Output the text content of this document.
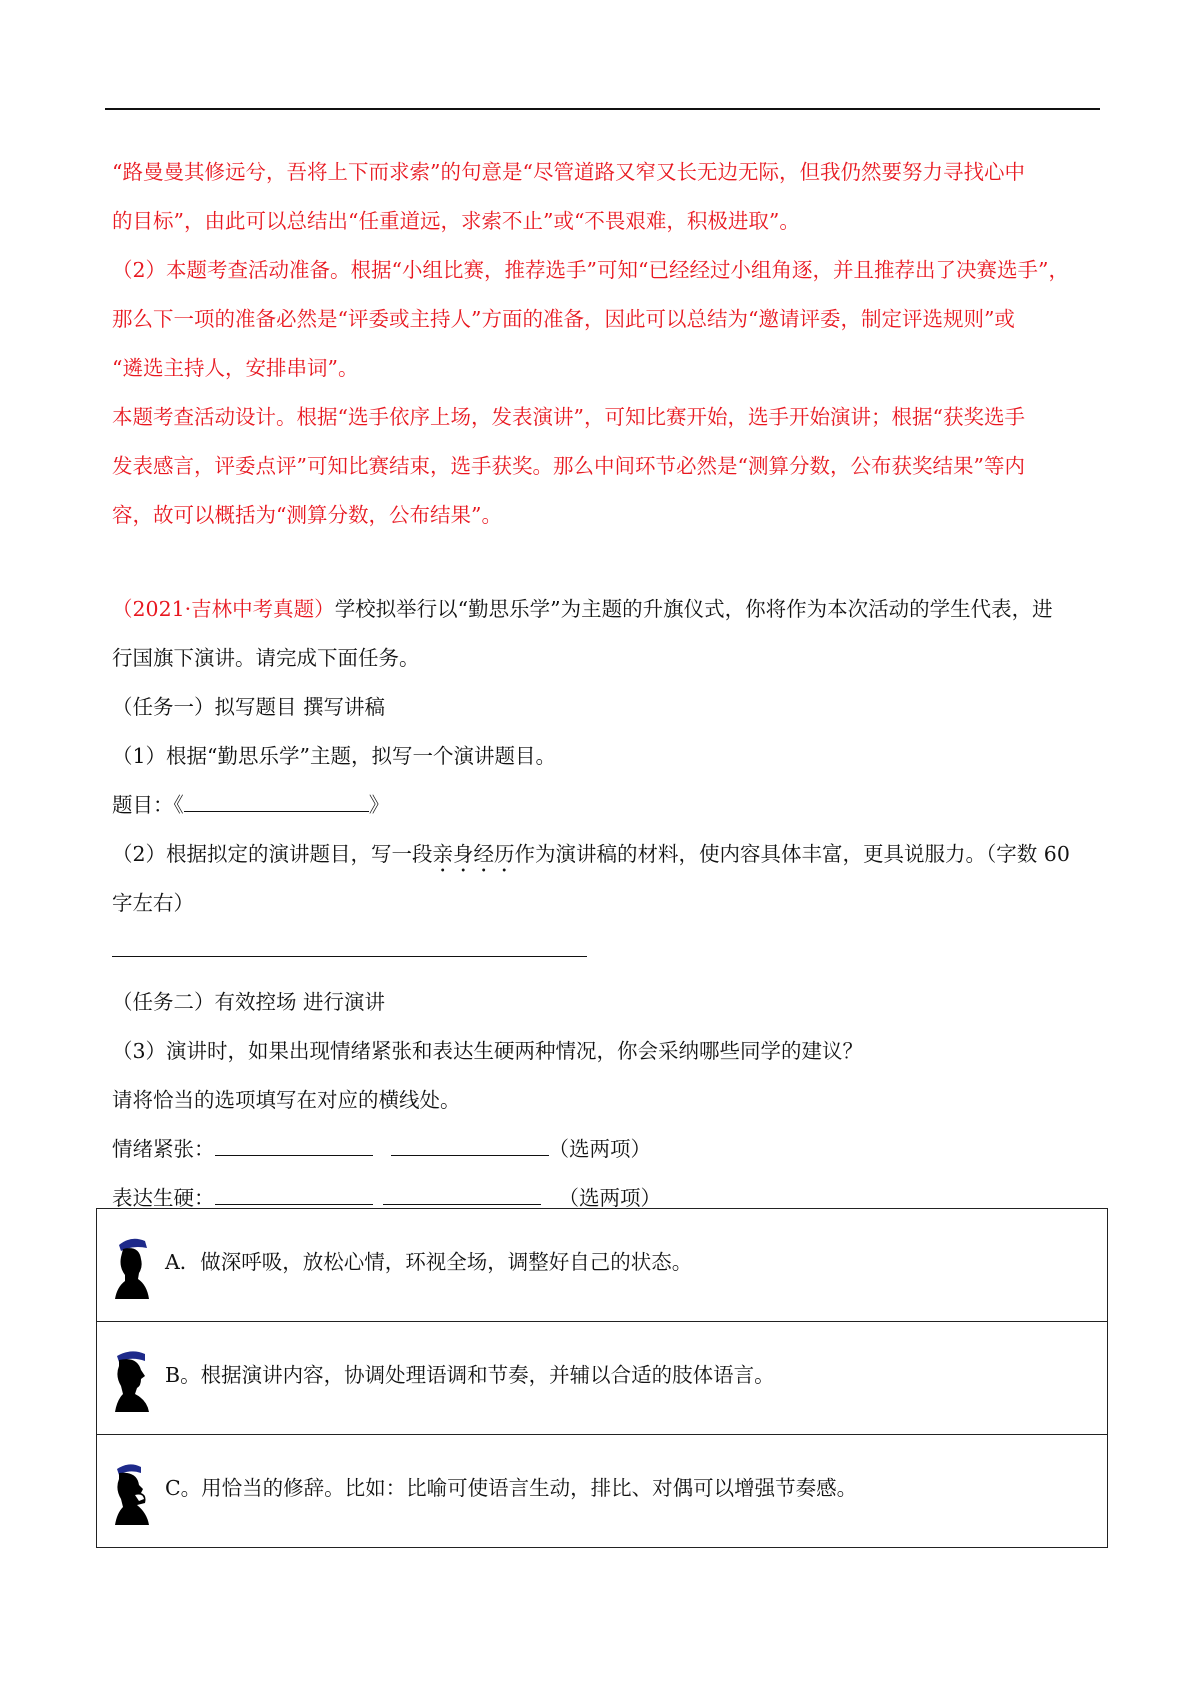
“路曼曼其修远兮，吾将上下而求索”的句意是“尽管道路又窄又长无边无际，但我仍然要努力寻找心中

的目标”，由此可以总结出“任重道远，求索不止”或“不畏艰难，积极进取”。

（2）本题考查活动准备。根据“小组比赛，推荐选手”可知“已经经过小组角逐，并且推荐出了决赛选手”，

那么下一项的准备必然是“评委或主持人”方面的准备，因此可以总结为“邀请评委，制定评选规则”或

“遴选主持人，安排串词”。

本题考查活动设计。根据“选手依序上场，发表演讲”，可知比赛开始，选手开始演讲；根据“获奖选手

发表感言，评委点评”可知比赛结束，选手获奖。那么中间环节必然是“测算分数，公布获奖结果”等内

容，故可以概括为“测算分数，公布结果”。

（2021·吉林中考真题）学校拟举行以“勤思乐学”为主题的升旗仪式，你将作为本次活动的学生代表，进

行国旗下演讲。请完成下面任务。

（任务一）拟写题目 撰写讲稿

（1）根据“勤思乐学”主题，拟写一个演讲题目。

题目：《	》

（2）根据拟定的演讲题目，写一段亲身经历作为演讲稿的材料，使内容具体丰富，更具说服力。（字数 60

字左右）

（任务二）有效控场 进行演讲

（3）演讲时，如果出现情绪紧张和表达生硬两种情况，你会采纳哪些同学的建议？

请将恰当的选项填写在对应的横线处。

情绪紧张：	（选两项）

表达生硬：	（选两项）

A．做深呼吸，放松心情，环视全场，调整好自己的状态。
B。根据演讲内容，协调处理语调和节奏，并辅以合适的肢体语言。
C。用恰当的修辞。比如：比喻可使语言生动，排比、对偶可以增强节奏感。
